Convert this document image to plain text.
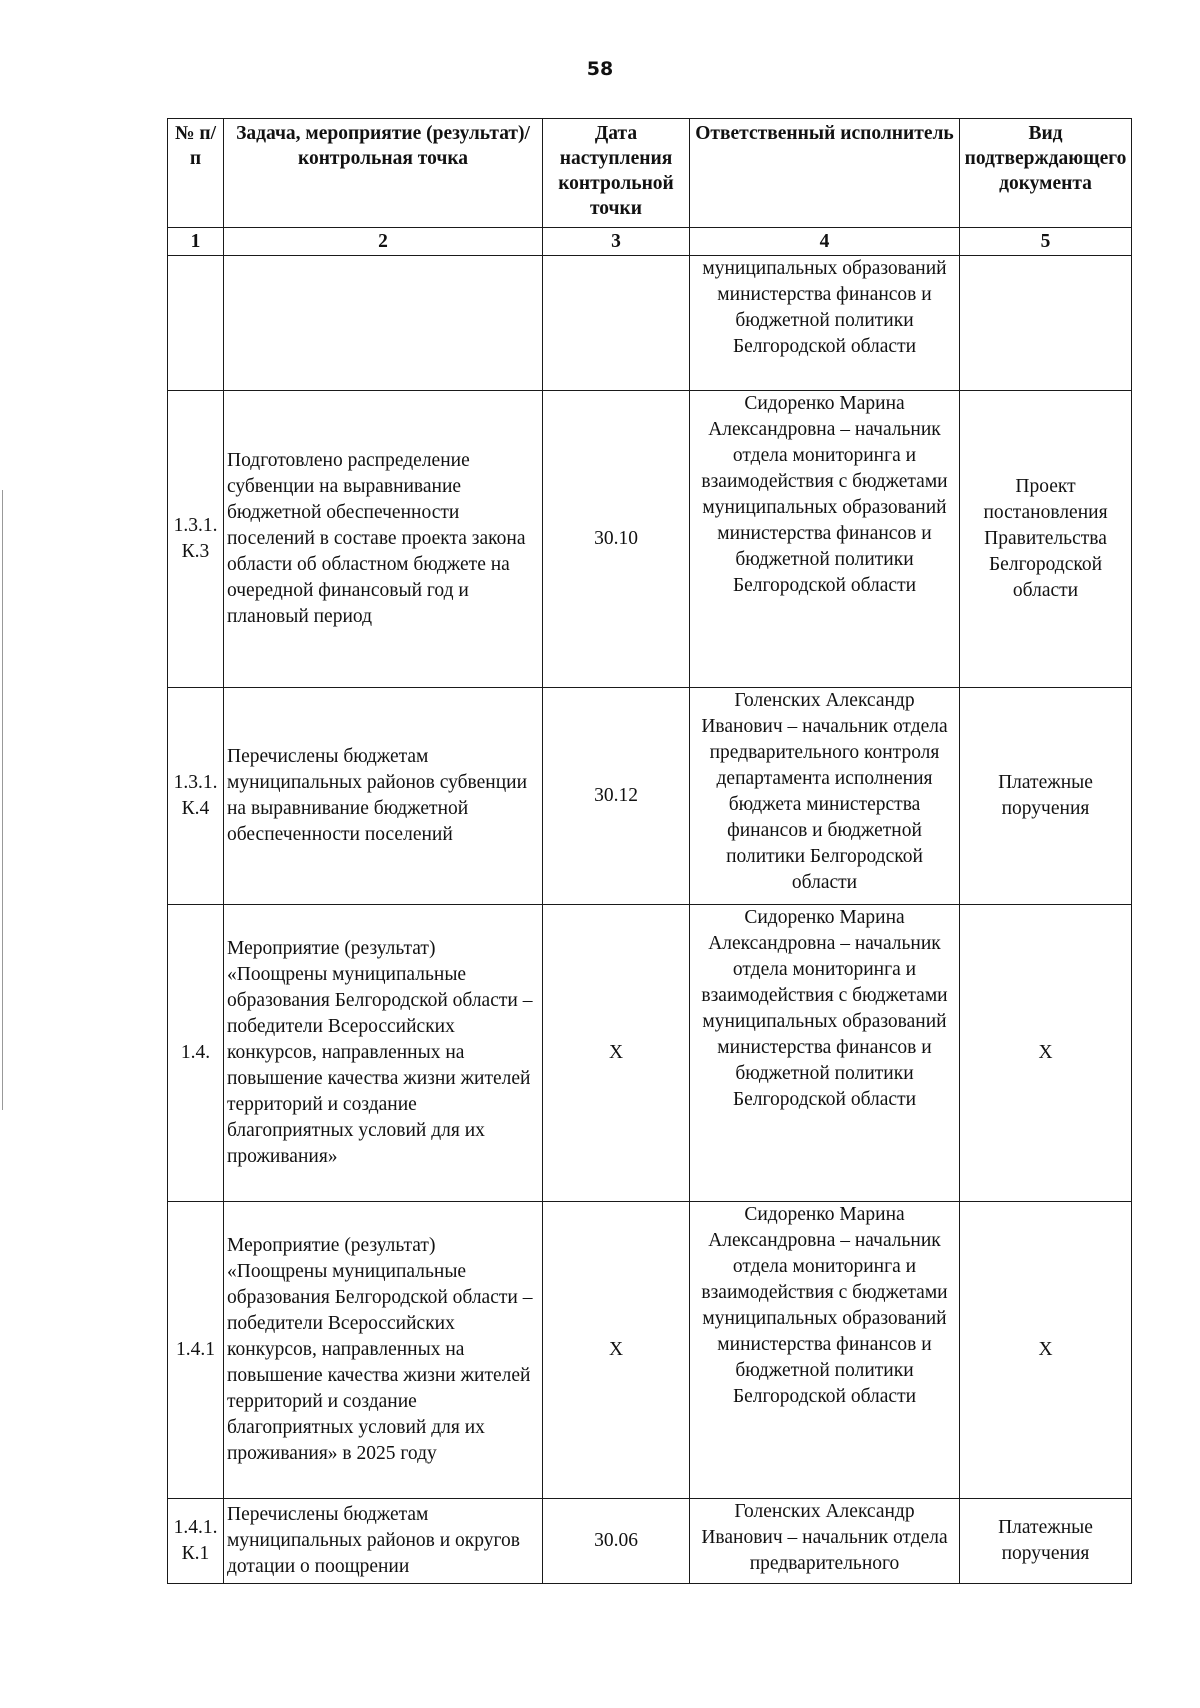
58
№ п/п	Задача, мероприятие (результат)/контрольная точка	Дата наступления контрольной точки	Ответственный исполнитель	Вид подтверждающего документа
1	2	3	4	5
			муниципальных образований министерства финансов и бюджетной политики Белгородской области	
1.3.1. К.3	Подготовлено распределение субвенции на выравнивание бюджетной обеспеченности поселений в составе проекта закона области об областном бюджете на очередной финансовый год и плановый период	30.10	Сидоренко Марина Александровна – начальник отдела мониторинга и взаимодействия с бюджетами муниципальных образований министерства финансов и бюджетной политики Белгородской области	Проект постановления Правительства Белгородской области
1.3.1. К.4	Перечислены бюджетам муниципальных районов субвенции на выравнивание бюджетной обеспеченности поселений	30.12	Голенских Александр Иванович – начальник отдела предварительного контроля департамента исполнения бюджета министерства финансов и бюджетной политики Белгородской области	Платежные поручения
1.4.	Мероприятие (результат) «Поощрены муниципальные образования Белгородской области – победители Всероссийских конкурсов, направленных на повышение качества жизни жителей территорий и создание благоприятных условий для их проживания»	X	Сидоренко Марина Александровна – начальник отдела мониторинга и взаимодействия с бюджетами муниципальных образований министерства финансов и бюджетной политики Белгородской области	X
1.4.1	Мероприятие (результат) «Поощрены муниципальные образования Белгородской области – победители Всероссийских конкурсов, направленных на повышение качества жизни жителей территорий и создание благоприятных условий для их проживания» в 2025 году	X	Сидоренко Марина Александровна – начальник отдела мониторинга и взаимодействия с бюджетами муниципальных образований министерства финансов и бюджетной политики Белгородской области	X
1.4.1. К.1	Перечислены бюджетам муниципальных районов и округов дотации о поощрении	30.06	Голенских Александр Иванович – начальник отдела предварительного	Платежные поручения
